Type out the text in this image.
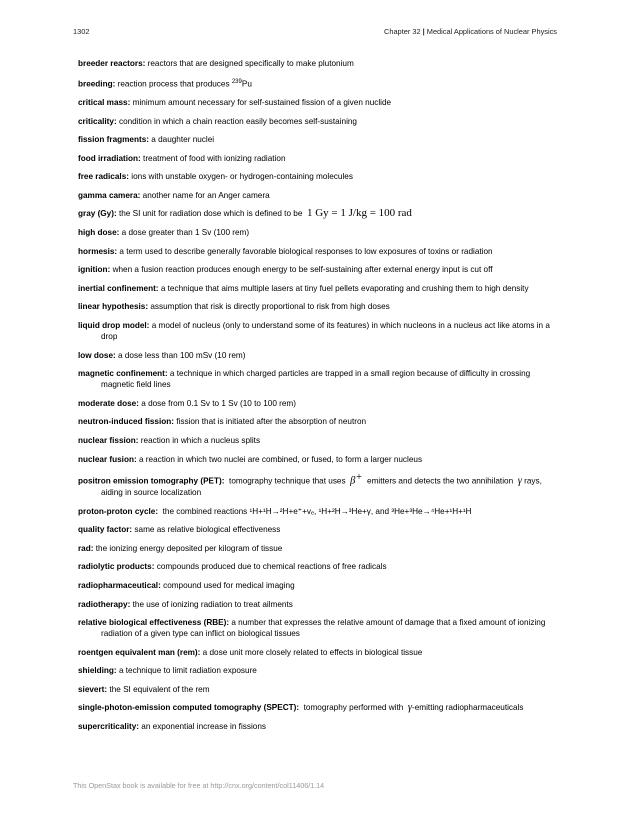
1302	Chapter 32 | Medical Applications of Nuclear Physics
breeder reactors: reactors that are designed specifically to make plutonium
breeding: reaction process that produces $^{239}$Pu
critical mass: minimum amount necessary for self-sustained fission of a given nuclide
criticality: condition in which a chain reaction easily becomes self-sustaining
fission fragments: a daughter nuclei
food irradiation: treatment of food with ionizing radiation
free radicals: ions with unstable oxygen- or hydrogen-containing molecules
gamma camera: another name for an Anger camera
gray (Gy): the SI unit for radiation dose which is defined to be 1 Gy = 1 J/kg = 100 rad
high dose: a dose greater than 1 Sv (100 rem)
hormesis: a term used to describe generally favorable biological responses to low exposures of toxins or radiation
ignition: when a fusion reaction produces enough energy to be self-sustaining after external energy input is cut off
inertial confinement: a technique that aims multiple lasers at tiny fuel pellets evaporating and crushing them to high density
linear hypothesis: assumption that risk is directly proportional to risk from high doses
liquid drop model: a model of nucleus (only to understand some of its features) in which nucleons in a nucleus act like atoms in a drop
low dose: a dose less than 100 mSv (10 rem)
magnetic confinement: a technique in which charged particles are trapped in a small region because of difficulty in crossing magnetic field lines
moderate dose: a dose from 0.1 Sv to 1 Sv (10 to 100 rem)
neutron-induced fission: fission that is initiated after the absorption of neutron
nuclear fission: reaction in which a nucleus splits
nuclear fusion: a reaction in which two nuclei are combined, or fused, to form a larger nucleus
positron emission tomography (PET): tomography technique that uses β+ emitters and detects the two annihilation γ rays, aiding in source localization
proton-proton cycle: the combined reactions ¹H+¹H→²H+e⁺+vₑ, ¹H+²H→³He+γ, and ³He+³He→⁴He+¹H+¹H
quality factor: same as relative biological effectiveness
rad: the ionizing energy deposited per kilogram of tissue
radiolytic products: compounds produced due to chemical reactions of free radicals
radiopharmaceutical: compound used for medical imaging
radiotherapy: the use of ionizing radiation to treat ailments
relative biological effectiveness (RBE): a number that expresses the relative amount of damage that a fixed amount of ionizing radiation of a given type can inflict on biological tissues
roentgen equivalent man (rem): a dose unit more closely related to effects in biological tissue
shielding: a technique to limit radiation exposure
sievert: the SI equivalent of the rem
single-photon-emission computed tomography (SPECT): tomography performed with γ-emitting radiopharmaceuticals
supercriticality: an exponential increase in fissions
This OpenStax book is available for free at http://cnx.org/content/col11406/1.14
